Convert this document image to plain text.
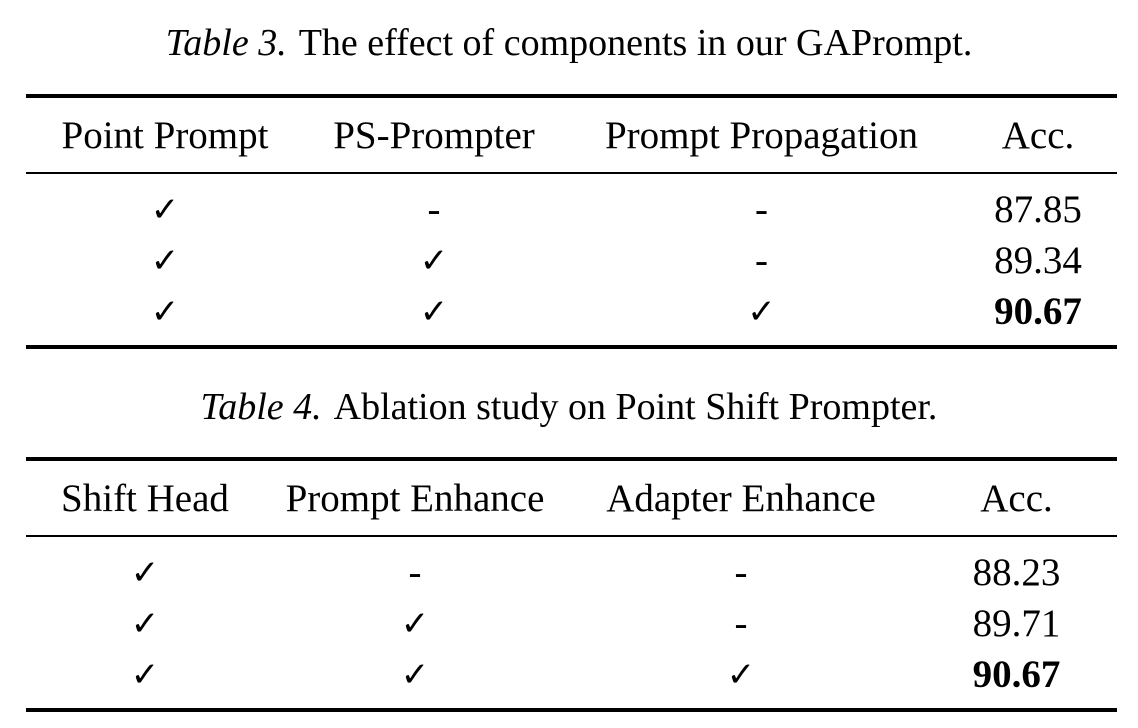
Table 3. The effect of components in our GAPrompt.
Point Prompt	PS-Prompter	Prompt Propagation	Acc.
✓	-	-	87.85
✓	✓	-	89.34
✓	✓	✓	90.67
Table 4. Ablation study on Point Shift Prompter.
Shift Head	Prompt Enhance	Adapter Enhance	Acc.
✓	-	-	88.23
✓	✓	-	89.71
✓	✓	✓	90.67
